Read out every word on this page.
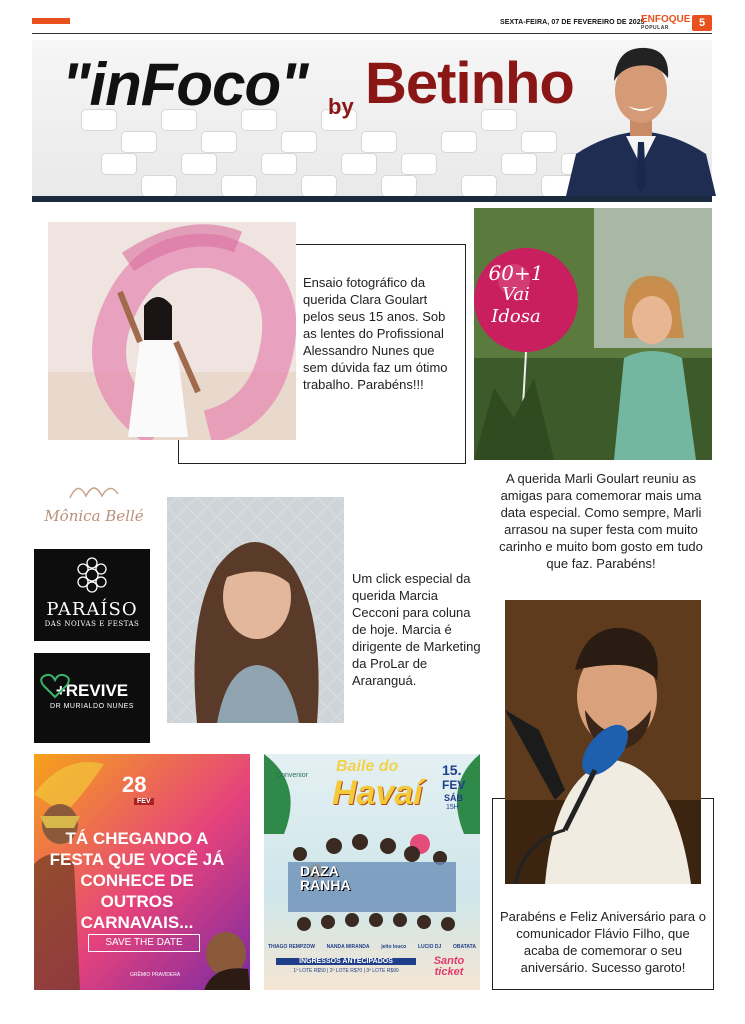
SEXTA-FEIRA, 07 DE FEVEREIRO DE 2025
ENFOQUE
POPULAR	5
"inFoco" by Betinho
Ensaio fotográfico da querida Clara Goulart pelos seus 15 anos. Sob as lentes do Profissional Alessandro Nunes que sem dúvida faz um ótimo trabalho. Parabéns!!!
60+1
Vai
Idosa
A querida Marli Goulart reuniu as amigas para comemorar mais uma data especial. Como sempre, Marli arrasou na super festa com muito carinho e muito bom gosto em tudo que faz. Parabéns!
Mônica Bellé
PARAÍSO
DAS NOIVAS E FESTAS
+REVIVE
DR MURIALDO NUNES
Um click especial da querida Marcia Cecconi para coluna de hoje. Marcia é dirigente de Marketing da ProLar de Araranguá.
Parabéns e Feliz Aniversário para o comunicador Flávio Filho, que acaba de comemorar o seu aniversário. Sucesso garoto!
28
FEV
TÁ CHEGANDO A FESTA QUE VOCÊ JÁ CONHECE DE OUTROS CARNAVAIS...
SAVE THE DATE
GRÊMIO PRAVIDERA
Convenior
Baile do
Havaí
15.
FEV
SÁB
15H
DAZA RANHA
THIAGO REMPZOW NANDA MIRANDA jeito louco LUCIO DJ OBATATA
INGRESSOS ANTECIPADOS
1º LOTE R$50 | 2º LOTE R$70 | 3º LOTE R$90
Santo ticket
